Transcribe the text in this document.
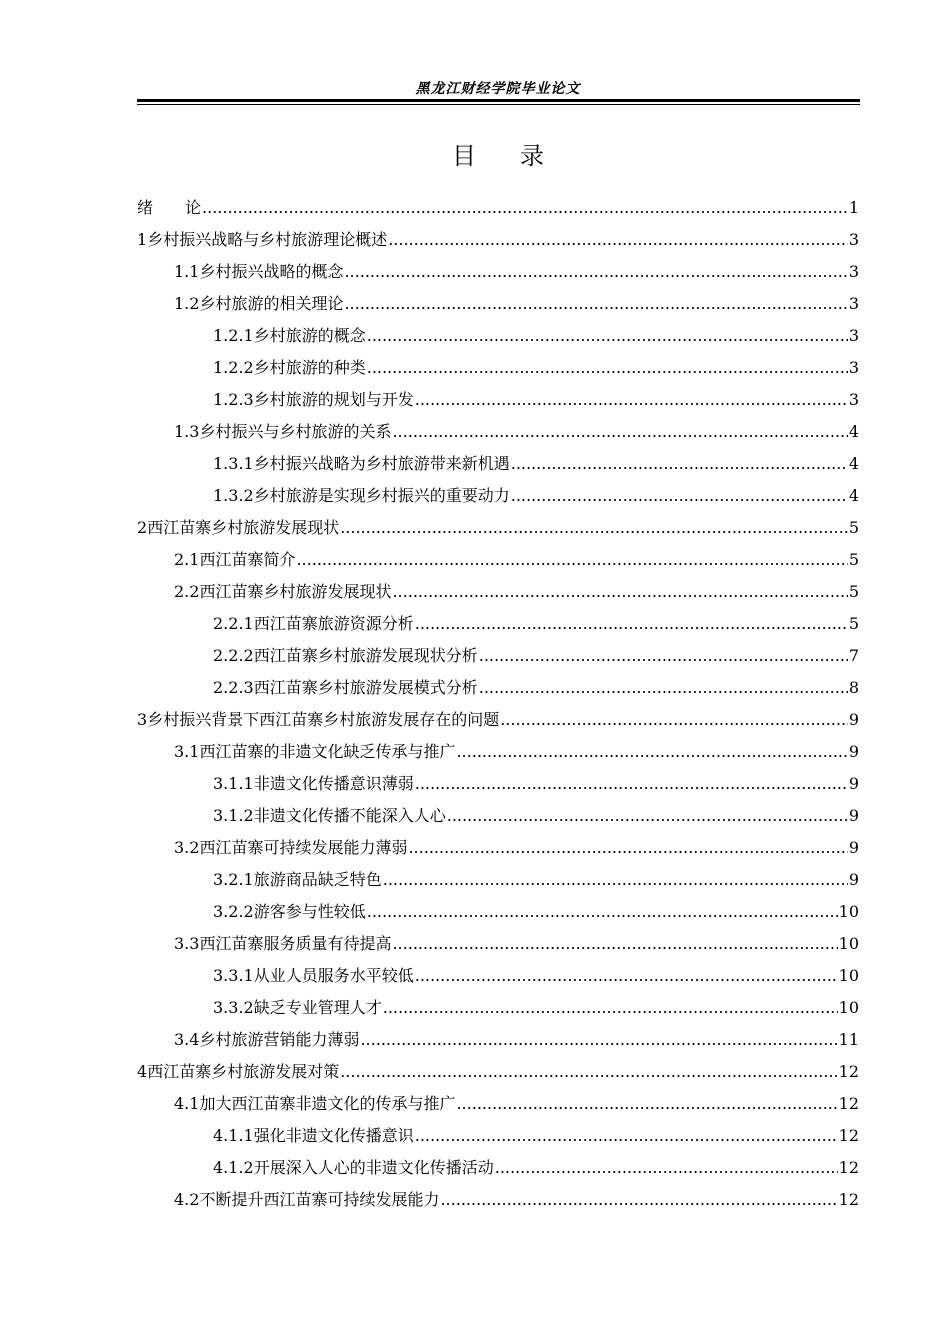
黑龙江财经学院毕业论文
目录
绪　　论 .....	1
1 乡村振兴战略与乡村旅游理论概述 .....	3
1.1 乡村振兴战略的概念 .....	3
1.2 乡村旅游的相关理论 .....	3
1.2.1 乡村旅游的概念 .....	3
1.2.2 乡村旅游的种类 .....	3
1.2.3 乡村旅游的规划与开发 .....	3
1.3 乡村振兴与乡村旅游的关系 .....	4
1.3.1 乡村振兴战略为乡村旅游带来新机遇 .....	4
1.3.2 乡村旅游是实现乡村振兴的重要动力 .....	4
2 西江苗寨乡村旅游发展现状 .....	5
2.1 西江苗寨简介 .....	5
2.2 西江苗寨乡村旅游发展现状 .....	5
2.2.1 西江苗寨旅游资源分析 .....	5
2.2.2 西江苗寨乡村旅游发展现状分析 .....	7
2.2.3 西江苗寨乡村旅游发展模式分析 .....	8
3 乡村振兴背景下西江苗寨乡村旅游发展存在的问题 .....	9
3.1 西江苗寨的非遗文化缺乏传承与推广 .....	9
3.1.1 非遗文化传播意识薄弱 .....	9
3.1.2 非遗文化传播不能深入人心 .....	9
3.2 西江苗寨可持续发展能力薄弱 .....	9
3.2.1 旅游商品缺乏特色 .....	9
3.2.2 游客参与性较低 .....	10
3.3 西江苗寨服务质量有待提高 .....	10
3.3.1 从业人员服务水平较低 .....	10
3.3.2 缺乏专业管理人才 .....	10
3.4 乡村旅游营销能力薄弱 .....	11
4 西江苗寨乡村旅游发展对策 .....	12
4.1 加大西江苗寨非遗文化的传承与推广 .....	12
4.1.1 强化非遗文化传播意识 .....	12
4.1.2 开展深入人心的非遗文化传播活动 .....	12
4.2 不断提升西江苗寨可持续发展能力 .....	12
